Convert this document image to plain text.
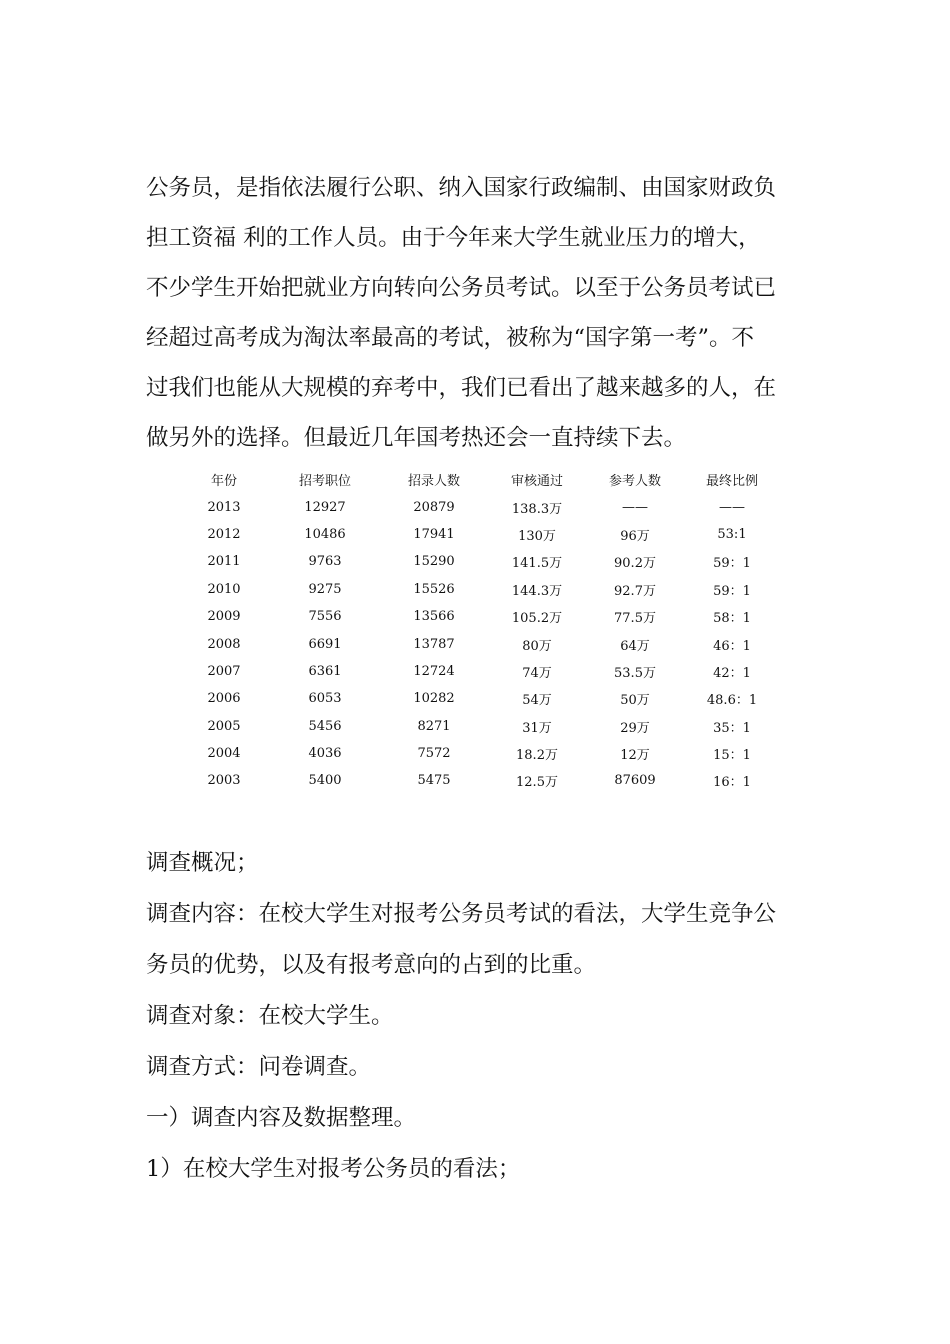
公务员，是指依法履行公职、纳入国家行政编制、由国家财政负
担工资福 利的工作人员。由于今年来大学生就业压力的增大，
不少学生开始把就业方向转向公务员考试。以至于公务员考试已
经超过高考成为淘汰率最高的考试，被称为“国字第一考”。不
过我们也能从大规模的弃考中，我们已看出了越来越多的人，在
做另外的选择。但最近几年国考热还会一直持续下去。
年份	招考职位	招录人数	审核通过	参考人数	最终比例
2013	12927	20879	138.3万	——	——
2012	10486	17941	130万	96万	53:1
2011	9763	15290	141.5万	90.2万	59：1
2010	9275	15526	144.3万	92.7万	59：1
2009	7556	13566	105.2万	77.5万	58：1
2008	6691	13787	80万	64万	46：1
2007	6361	12724	74万	53.5万	42：1
2006	6053	10282	54万	50万	48.6：1
2005	5456	8271	31万	29万	35：1
2004	4036	7572	18.2万	12万	15：1
2003	5400	5475	12.5万	87609	16：1
调查概况；
调查内容：在校大学生对报考公务员考试的看法，大学生竞争公
务员的优势，以及有报考意向的占到的比重。
调查对象：在校大学生。
调查方式：问卷调查。
一）调查内容及数据整理。
1）在校大学生对报考公务员的看法；
